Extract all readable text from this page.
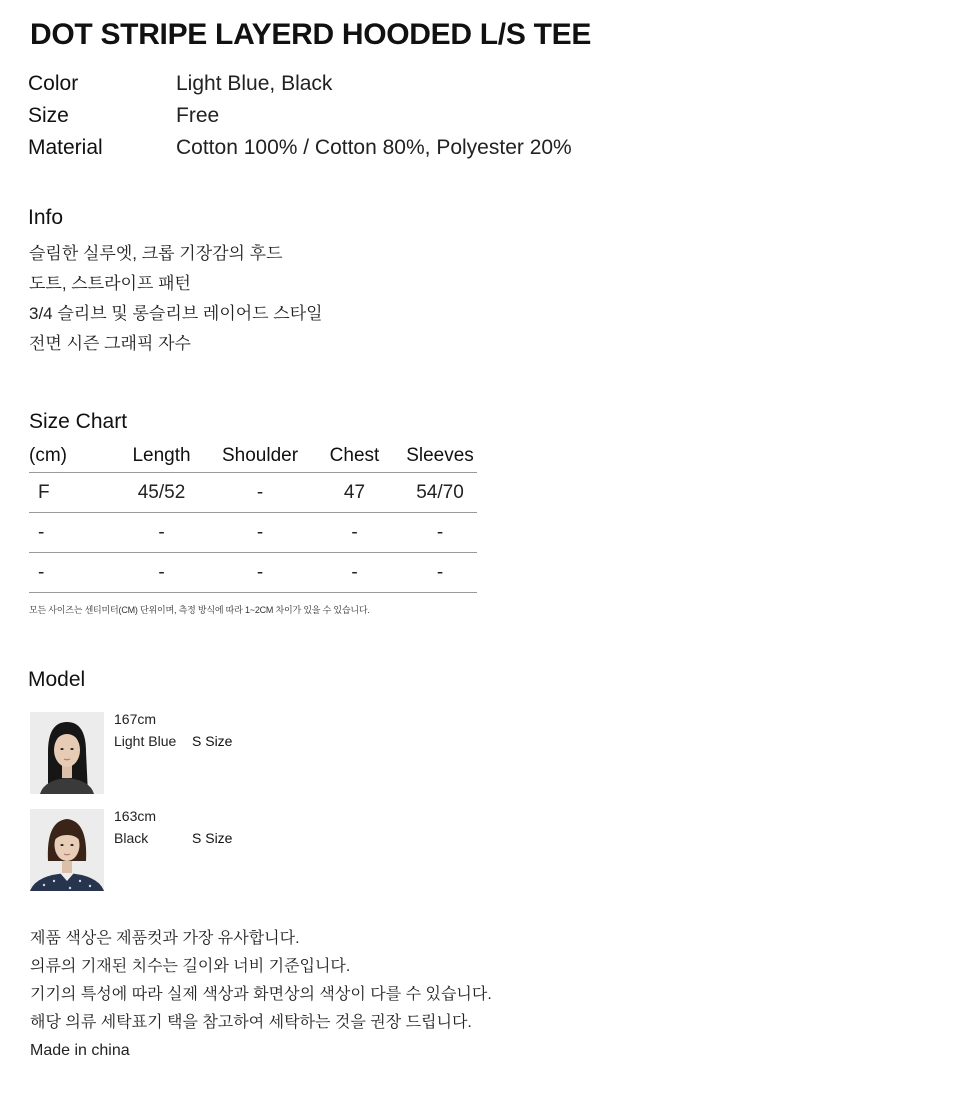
DOT STRIPE LAYERD HOODED L/S TEE
Color	Light Blue, Black
Size	Free
Material	Cotton 100% / Cotton 80%, Polyester 20%
Info
슬림한 실루엣, 크롭 기장감의 후드
도트, 스트라이프 패턴
3/4 슬리브 및 롱슬리브 레이어드 스타일
전면 시즌 그래픽 자수
Size Chart
(cm)	Length	Shoulder	Chest	Sleeves
F	45/52	-	47	54/70
-	-	-	-	-
-	-	-	-	-
모든 사이즈는 센티미터(CM) 단위이며, 측정 방식에 따라 1~2CM 차이가 있을 수 있습니다.
Model
167cm
Light Blue	S Size
163cm
Black	S Size
제품 색상은 제품컷과 가장 유사합니다.
의류의 기재된 치수는 길이와 너비 기준입니다.
기기의 특성에 따라 실제 색상과 화면상의 색상이 다를 수 있습니다.
해당 의류 세탁표기 택을 참고하여 세탁하는 것을 권장 드립니다.
Made in china
